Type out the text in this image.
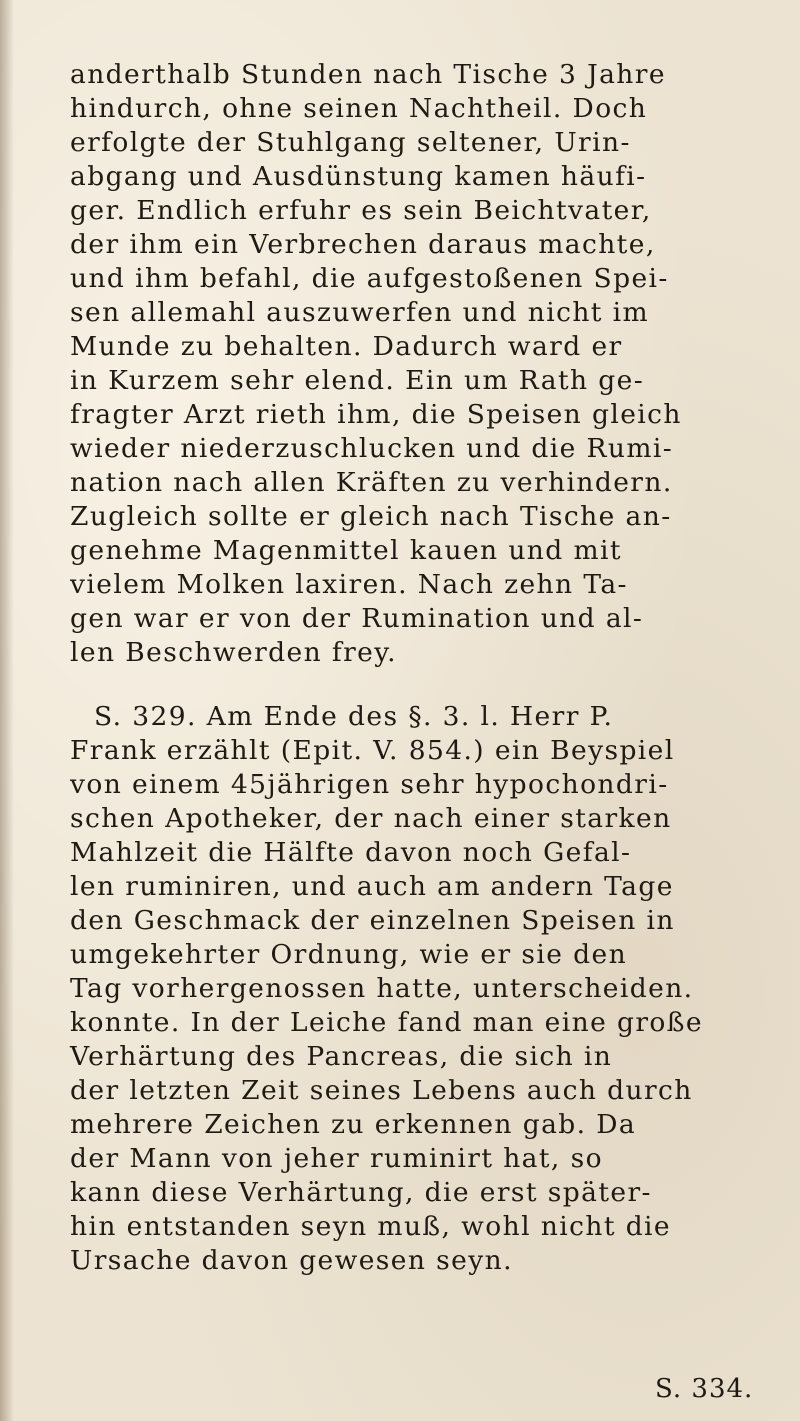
anderthalb Stunden nach Tische 3 Jahre
hindurch, ohne seinen Nachtheil. Doch
erfolgte der Stuhlgang seltener, Urin-
abgang und Ausdünstung kamen häufi-
ger. Endlich erfuhr es sein Beichtvater,
der ihm ein Verbrechen daraus machte,
und ihm befahl, die aufgestoßenen Spei-
sen allemahl auszuwerfen und nicht im
Munde zu behalten. Dadurch ward er
in Kurzem sehr elend. Ein um Rath ge-
fragter Arzt rieth ihm, die Speisen gleich
wieder niederzuschlucken und die Rumi-
nation nach allen Kräften zu verhindern.
Zugleich sollte er gleich nach Tische an-
genehme Magenmittel kauen und mit
vielem Molken laxiren. Nach zehn Ta-
gen war er von der Rumination und al-
len Beschwerden frey.
S. 329. Am Ende des §. 3. l. Herr P.
Frank erzählt (Epit. V. 854.) ein Beyspiel
von einem 45jährigen sehr hypochondri-
schen Apotheker, der nach einer starken
Mahlzeit die Hälfte davon noch Gefal-
len ruminiren, und auch am andern Tage
den Geschmack der einzelnen Speisen in
umgekehrter Ordnung, wie er sie den
Tag vorhergenossen hatte, unterscheiden.
konnte. In der Leiche fand man eine große
Verhärtung des Pancreas, die sich in
der letzten Zeit seines Lebens auch durch
mehrere Zeichen zu erkennen gab. Da
der Mann von jeher ruminirt hat, so
kann diese Verhärtung, die erst später-
hin entstanden seyn muß, wohl nicht die
Ursache davon gewesen seyn.
S. 334.
